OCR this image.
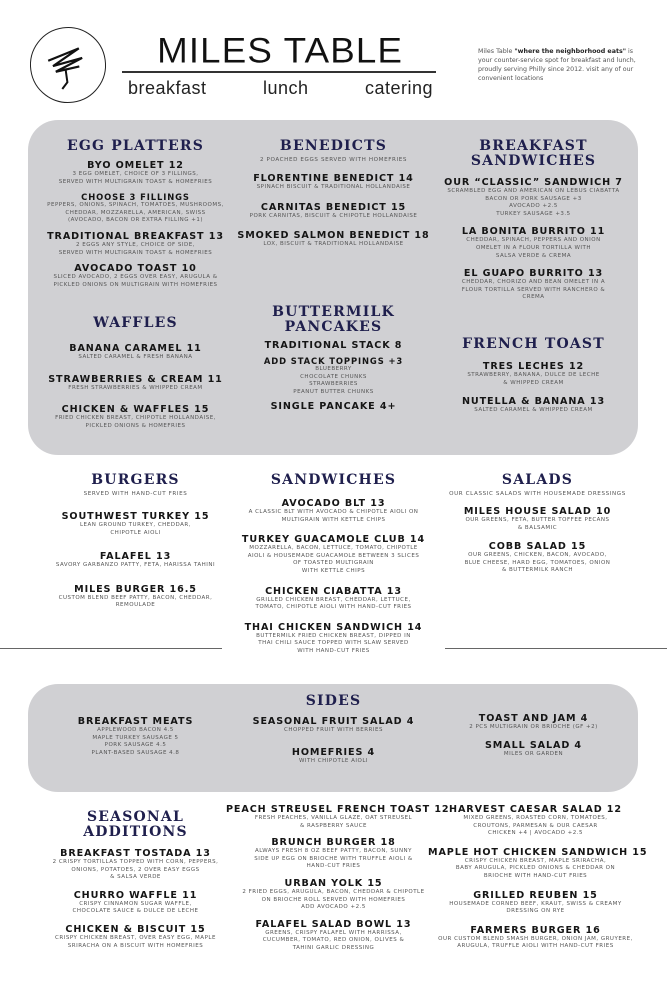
MILES TABLE
breakfast	lunch	catering
Miles Table "where the neighborhood eats" is your counter-service spot for breakfast and lunch, proudly serving Philly since 2012. visit any of our convenient locations
EGG PLATTERS
BYO OMELET 12
3 EGG OMELET, CHOICE OF 3 FILLINGS,
SERVED WITH MULTIGRAIN TOAST & HOMEFRIES
CHOOSE 3 FILLINGS
PEPPERS, ONIONS, SPINACH, TOMATOES, MUSHROOMS,
CHEDDAR, MOZZARELLA, AMERICAN, SWISS
(AVOCADO, BACON OR EXTRA FILLING +1)
TRADITIONAL BREAKFAST 13
2 EGGS ANY STYLE, CHOICE OF SIDE,
SERVED WITH MULTIGRAIN TOAST & HOMEFRIES
AVOCADO TOAST 10
SLICED AVOCADO, 2 EGGS OVER EASY, ARUGULA &
PICKLED ONIONS ON MULTIGRAIN WITH HOMEFRIES
WAFFLES
BANANA CARAMEL 11
SALTED CARAMEL & FRESH BANANA
STRAWBERRIES & CREAM 11
FRESH STRAWBERRIES & WHIPPED CREAM
CHICKEN & WAFFLES 15
FRIED CHICKEN BREAST, CHIPOTLE HOLLANDAISE,
PICKLED ONIONS & HOMEFRIES
BENEDICTS
2 POACHED EGGS SERVED WITH HOMEFRIES
FLORENTINE BENEDICT 14
SPINACH BISCUIT & TRADITIONAL HOLLANDAISE
CARNITAS BENEDICT 15
PORK CARNITAS, BISCUIT & CHIPOTLE HOLLANDAISE
SMOKED SALMON BENEDICT 18
LOX, BISCUIT & TRADITIONAL HOLLANDAISE
BUTTERMILK
PANCAKES
TRADITIONAL STACK 8
ADD STACK TOPPINGS +3
BLUEBERRY
CHOCOLATE CHUNKS
STRAWBERRIES
PEANUT BUTTER CHUNKS
SINGLE PANCAKE 4+
BREAKFAST
SANDWICHES
OUR “CLASSIC” SANDWICH 7
SCRAMBLED EGG AND AMERICAN ON LEBUS CIABATTA
BACON OR PORK SAUSAGE +3
AVOCADO +2.5
TURKEY SAUSAGE +3.5
LA BONITA BURRITO 11
CHEDDAR, SPINACH, PEPPERS AND ONION
OMELET IN A FLOUR TORTILLA WITH
SALSA VERDE & CREMA
EL GUAPO BURRITO 13
CHEDDAR, CHORIZO AND BEAN OMELET IN A
FLOUR TORTILLA SERVED WITH RANCHERO &
CREMA
FRENCH TOAST
TRES LECHES 12
STRAWBERRY, BANANA, DULCE DE LECHE
& WHIPPED CREAM
NUTELLA & BANANA 13
SALTED CARAMEL & WHIPPED CREAM
BURGERS
SERVED WITH HAND-CUT FRIES
SOUTHWEST TURKEY 15
LEAN GROUND TURKEY, CHEDDAR,
CHIPOTLE AIOLI
FALAFEL 13
SAVORY GARBANZO PATTY, FETA, HARISSA TAHINI
MILES BURGER 16.5
CUSTOM BLEND BEEF PATTY, BACON, CHEDDAR,
REMOULADE
SANDWICHES
AVOCADO BLT 13
A CLASSIC BLT WITH AVOCADO & CHIPOTLE AIOLI ON
MULTIGRAIN WITH KETTLE CHIPS
TURKEY GUACAMOLE CLUB 14
MOZZARELLA, BACON, LETTUCE, TOMATO, CHIPOTLE
AIOLI & HOUSEMADE GUACAMOLE BETWEEN 3 SLICES
OF TOASTED MULTIGRAIN
WITH KETTLE CHIPS
CHICKEN CIABATTA 13
GRILLED CHICKEN BREAST, CHEDDAR, LETTUCE,
TOMATO, CHIPOTLE AIOLI WITH HAND-CUT FRIES
THAI CHICKEN SANDWICH 14
BUTTERMILK FRIED CHICKEN BREAST, DIPPED IN
THAI CHILI SAUCE TOPPED WITH SLAW SERVED
WITH HAND-CUT FRIES
SALADS
OUR CLASSIC SALADS WITH HOUSEMADE DRESSINGS
MILES HOUSE SALAD 10
OUR GREENS, FETA, BUTTER TOFFEE PECANS
& BALSAMIC
COBB SALAD 15
OUR GREENS, CHICKEN, BACON, AVOCADO,
BLUE CHEESE, HARD EGG, TOMATOES, ONION
& BUTTERMILK RANCH
SIDES
BREAKFAST MEATS
APPLEWOOD BACON 4.5
MAPLE TURKEY SAUSAGE 5
PORK SAUSAGE 4.5
PLANT-BASED SAUSAGE 4.8
SEASONAL FRUIT SALAD 4
CHOPPED FRUIT WITH BERRIES
HOMEFRIES 4
WITH CHIPOTLE AIOLI
TOAST AND JAM 4
2 PCS MULTIGRAIN OR BRIOCHE (GF +2)
SMALL SALAD 4
MILES OR GARDEN
SEASONAL
ADDITIONS
BREAKFAST TOSTADA 13
2 CRISPY TORTILLAS TOPPED WITH CORN, PEPPERS,
ONIONS, POTATOES, 2 OVER EASY EGGS
& SALSA VERDE
CHURRO WAFFLE 11
CRISPY CINNAMON SUGAR WAFFLE,
CHOCOLATE SAUCE & DULCE DE LECHE
CHICKEN & BISCUIT 15
CRISPY CHICKEN BREAST, OVER EASY EGG, MAPLE
SRIRACHA ON A BISCUIT WITH HOMEFRIES
PEACH STREUSEL FRENCH TOAST 12
FRESH PEACHES, VANILLA GLAZE, OAT STREUSEL
& RASPBERRY SAUCE
BRUNCH BURGER 18
ALWAYS FRESH 8 OZ BEEF PATTY, BACON, SUNNY
SIDE UP EGG ON BRIOCHE WITH TRUFFLE AIOLI &
HAND-CUT FRIES
URBAN YOLK 15
2 FRIED EGGS, ARUGULA, BACON, CHEDDAR & CHIPOTLE
ON BRIOCHE ROLL SERVED WITH HOMEFRIES
ADD AVOCADO +2.5
FALAFEL SALAD BOWL 13
GREENS, CRISPY FALAFEL WITH HARRISSA,
CUCUMBER, TOMATO, RED ONION, OLIVES &
TAHINI GARLIC DRESSING
HARVEST CAESAR SALAD 12
MIXED GREENS, ROASTED CORN, TOMATOES,
CROUTONS, PARMESAN & OUR CAESAR
CHICKEN +4 | AVOCADO +2.5
MAPLE HOT CHICKEN SANDWICH 15
CRISPY CHICKEN BREAST, MAPLE SRIRACHA,
BABY ARUGULA, PICKLED ONIONS & CHEDDAR ON
BRIOCHE WITH HAND-CUT FRIES
GRILLED REUBEN 15
HOUSEMADE CORNED BEEF, KRAUT, SWISS & CREAMY
DRESSING ON RYE
FARMERS BURGER 16
OUR CUSTOM BLEND SMASH BURGER, ONION JAM, GRUYERE,
ARUGULA, TRUFFLE AIOLI WITH HAND-CUT FRIES
